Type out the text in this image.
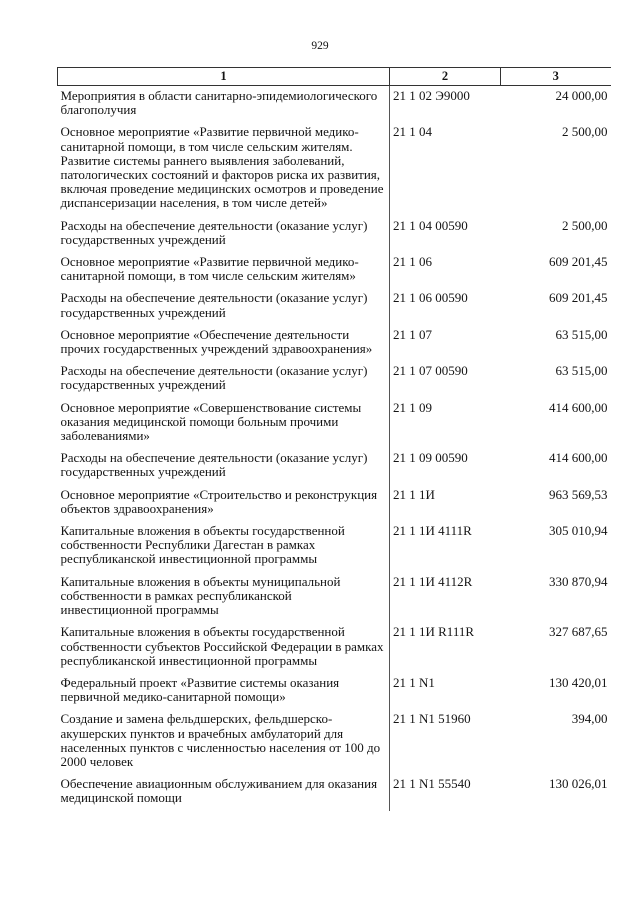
929
1	2	3
Мероприятия в области санитарно-эпидемиологического благополучия	21 1 02 Э9000	24 000,00
Основное мероприятие «Развитие первичной медико-санитарной помощи, в том числе сельским жителям. Развитие системы раннего выявления заболеваний, патологических состояний и факторов риска их развития, включая проведение медицинских осмотров и проведение диспансеризации населения, в том числе детей»	21 1 04	2 500,00
Расходы на обеспечение деятельности (оказание услуг) государственных учреждений	21 1 04 00590	2 500,00
Основное мероприятие «Развитие первичной медико-санитарной помощи, в том числе сельским жителям»	21 1 06	609 201,45
Расходы на обеспечение деятельности (оказание услуг) государственных учреждений	21 1 06 00590	609 201,45
Основное мероприятие «Обеспечение деятельности прочих государственных учреждений здравоохранения»	21 1 07	63 515,00
Расходы на обеспечение деятельности (оказание услуг) государственных учреждений	21 1 07 00590	63 515,00
Основное мероприятие «Совершенствование системы оказания медицинской помощи больным прочими заболеваниями»	21 1 09	414 600,00
Расходы на обеспечение деятельности (оказание услуг) государственных учреждений	21 1 09 00590	414 600,00
Основное мероприятие «Строительство и реконструкция объектов здравоохранения»	21 1 1И	963 569,53
Капитальные вложения в объекты государственной собственности Республики Дагестан в рамках республиканской инвестиционной программы	21 1 1И 4111R	305 010,94
Капитальные вложения в объекты муниципальной собственности в рамках республиканской инвестиционной программы	21 1 1И 4112R	330 870,94
Капитальные вложения в объекты государственной собственности субъектов Российской Федерации в рамках республиканской инвестиционной программы	21 1 1И R111R	327 687,65
Федеральный проект «Развитие системы оказания первичной медико-санитарной помощи»	21 1 N1	130 420,01
Создание и замена фельдшерских, фельдшерско-акушерских пунктов и врачебных амбулаторий для населенных пунктов с численностью населения от 100 до 2000 человек	21 1 N1 51960	394,00
Обеспечение авиационным обслуживанием для оказания медицинской помощи	21 1 N1 55540	130 026,01
